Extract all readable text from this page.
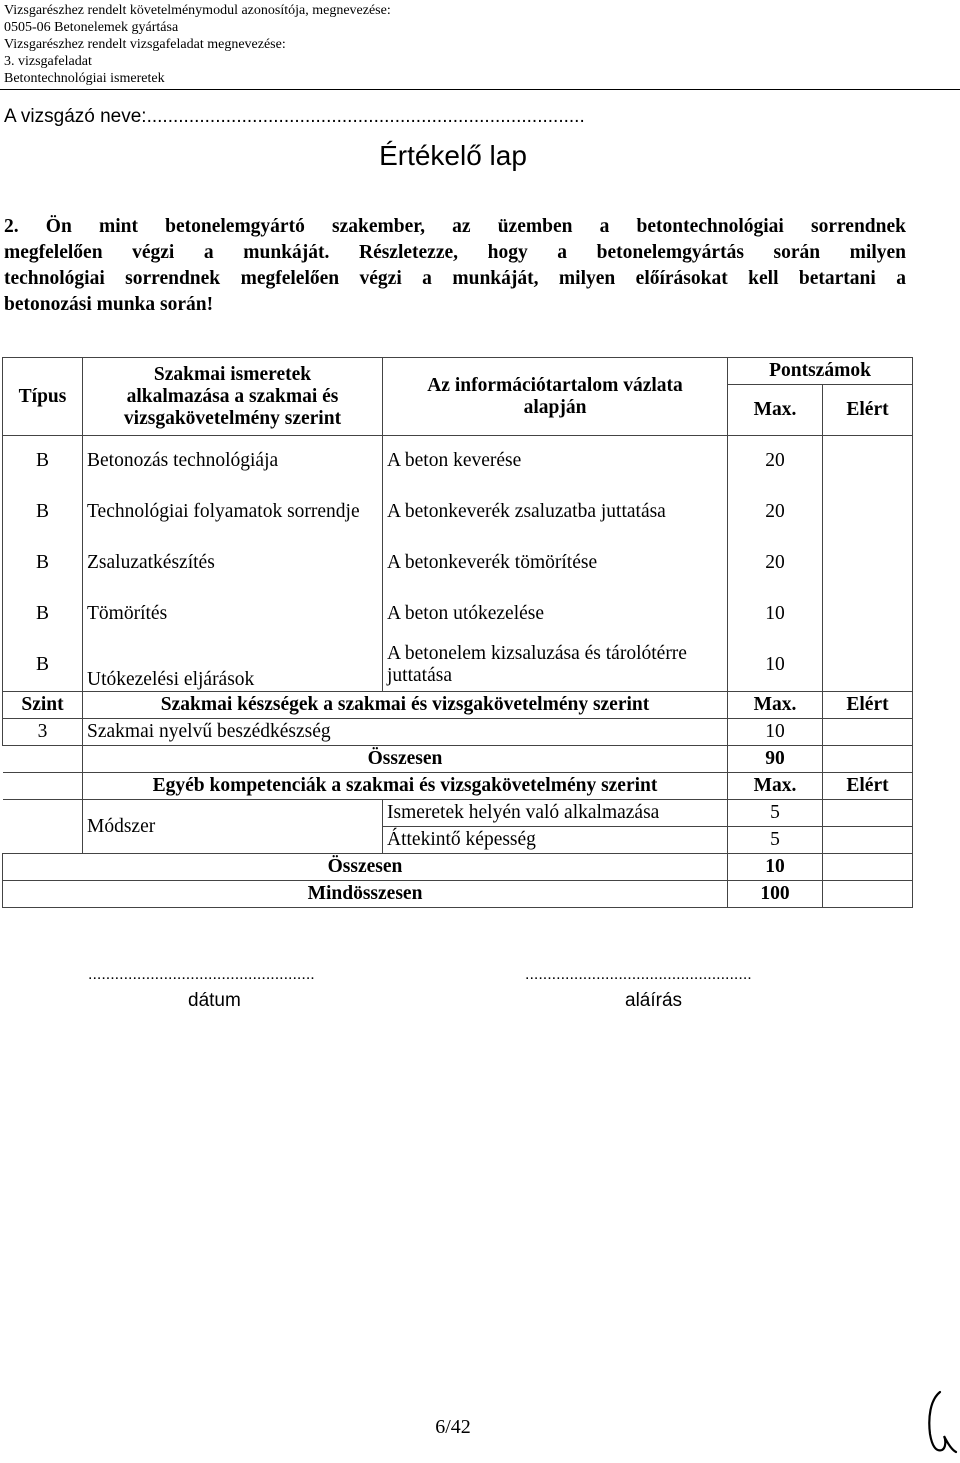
Vizsgarészhez rendelt követelménymodul azonosítója, megnevezése:
0505-06 Betonelemek gyártása
Vizsgarészhez rendelt vizsgafeladat megnevezése:
3. vizsgafeladat
Betontechnológiai ismeretek
A vizsgázó neve:...................................................................................
Értékelő lap
2. Ön mint betonelemgyártó szakember, az üzemben a betontechnológiai sorrendnek
megfelelően végzi a munkáját. Részletezze, hogy a betonelemgyártás során milyen
technológiai sorrendnek megfelelően végzi a munkáját, milyen előírásokat kell betartani a
betonozási munka során!
Típus	Szakmai ismeretek alkalmazása a szakmai és vizsgakövetelmény szerint	Az információtartalom vázlata alapján	Pontszámok	
			Max.	Elért
B	Betonozás technológiája	A beton keverése	20	
B	Technológiai folyamatok sorrendje	A betonkeverék zsaluzatba juttatása	20	
B	Zsaluzatkészítés	A betonkeverék tömörítése	20	
B	Tömörítés	A beton utókezelése	10	
B	Utókezelési eljárások	A betonelem kizsaluzása és tárolótérre juttatása	10	
Szint	Szakmai készségek a szakmai és vizsgakövetelmény szerint		Max.	Elért
3	Szakmai nyelvű beszédkészség		10	
	Összesen		90	
	Egyéb kompetenciák a szakmai és vizsgakövetelmény szerint		Max.	Elért
	Módszer	Ismeretek helyén való alkalmazása	5	
		Áttekintő képesség	5	
Összesen			10	
Mindösszesen			100	
...................................................	...................................................
dátum	aláírás
6/42
